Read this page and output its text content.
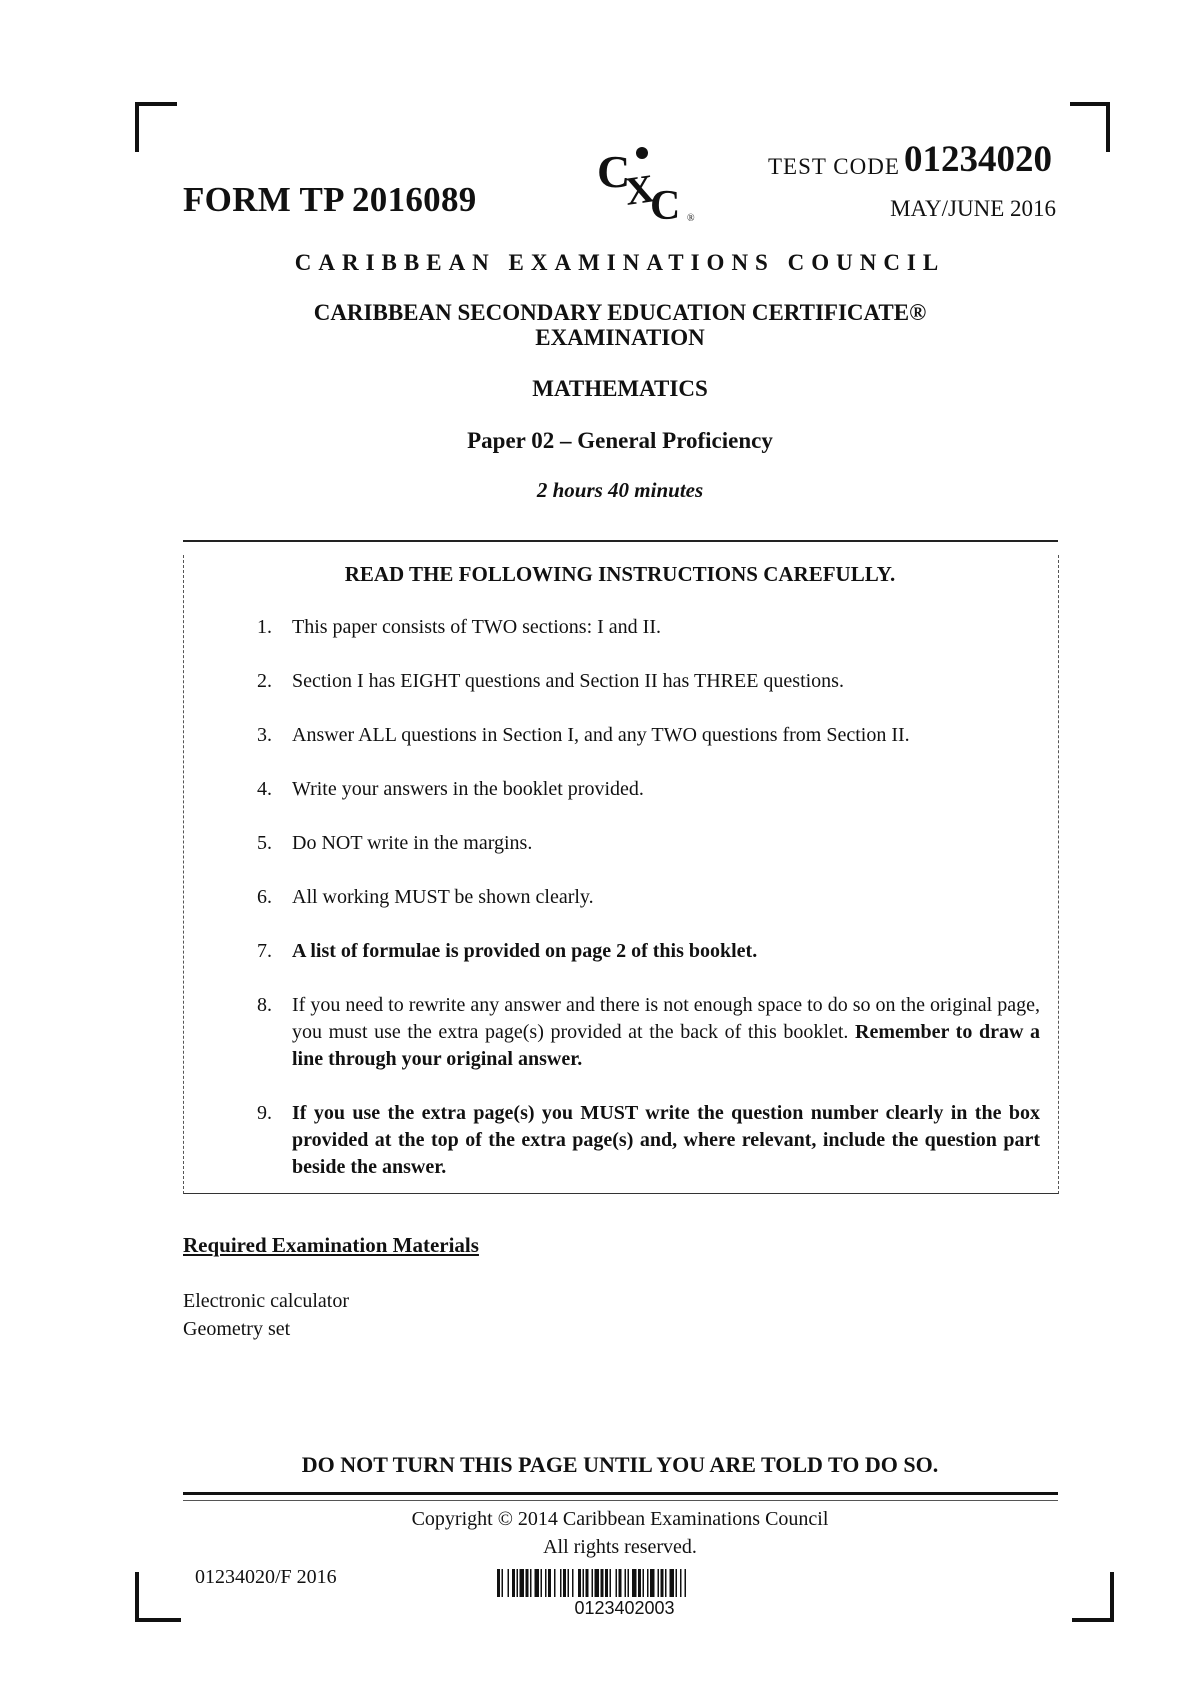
FORM TP 2016089
C
X
C ®
TEST CODE 01234020
MAY/JUNE 2016
CARIBBEAN EXAMINATIONS COUNCIL
CARIBBEAN SECONDARY EDUCATION CERTIFICATE®
EXAMINATION
MATHEMATICS
Paper 02 – General Proficiency
2 hours 40 minutes
READ THE FOLLOWING INSTRUCTIONS CAREFULLY.
1. This paper consists of TWO sections: I and II.
2. Section I has EIGHT questions and Section II has THREE questions.
3. Answer ALL questions in Section I, and any TWO questions from Section II.
4. Write your answers in the booklet provided.
5. Do NOT write in the margins.
6. All working MUST be shown clearly.
7. A list of formulae is provided on page 2 of this booklet.
8. If you need to rewrite any answer and there is not enough space to do so on the original page, you must use the extra page(s) provided at the back of this booklet. Remember to draw a line through your original answer.
9. If you use the extra page(s) you MUST write the question number clearly in the box provided at the top of the extra page(s) and, where relevant, include the question part beside the answer.
Required Examination Materials
Electronic calculator
Geometry set
DO NOT TURN THIS PAGE UNTIL YOU ARE TOLD TO DO SO.
Copyright © 2014 Caribbean Examinations Council
All rights reserved.
01234020/F 2016
0123402003
